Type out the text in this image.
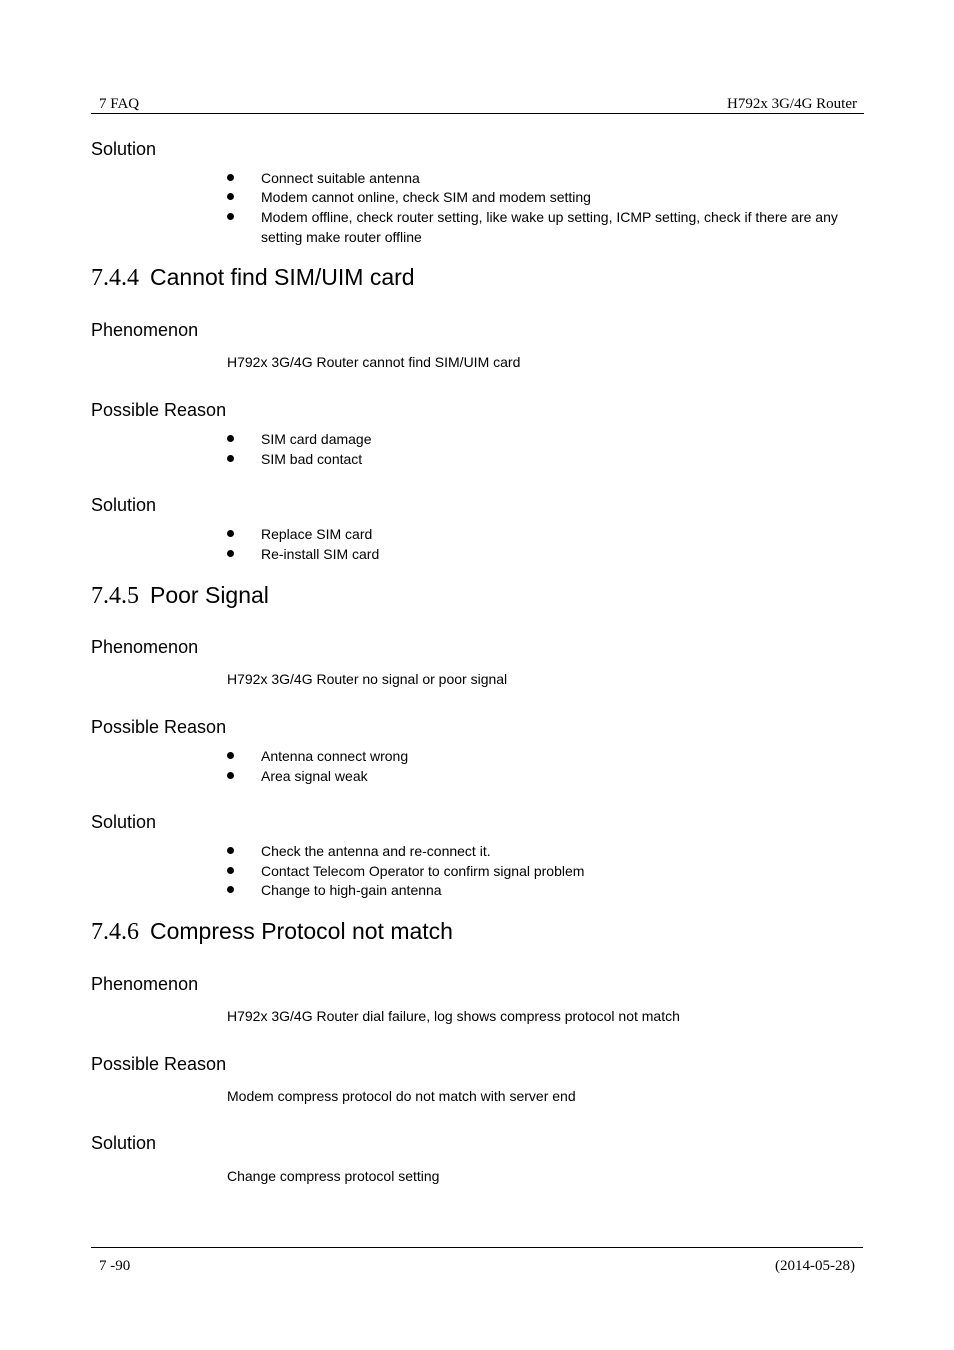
7 FAQ	H792x 3G/4G Router
Solution
Connect suitable antenna
Modem cannot online, check SIM and modem setting
Modem offline, check router setting, like wake up setting, ICMP setting, check if there are any setting make router offline
7.4.4 Cannot find SIM/UIM card
Phenomenon
H792x 3G/4G Router cannot find SIM/UIM card
Possible Reason
SIM card damage
SIM bad contact
Solution
Replace SIM card
Re-install SIM card
7.4.5 Poor Signal
Phenomenon
H792x 3G/4G Router no signal or poor signal
Possible Reason
Antenna connect wrong
Area signal weak
Solution
Check the antenna and re-connect it.
Contact Telecom Operator to confirm signal problem
Change to high-gain antenna
7.4.6 Compress Protocol not match
Phenomenon
H792x 3G/4G Router dial failure, log shows compress protocol not match
Possible Reason
Modem compress protocol do not match with server end
Solution
Change compress protocol setting
7 -90	(2014-05-28)
